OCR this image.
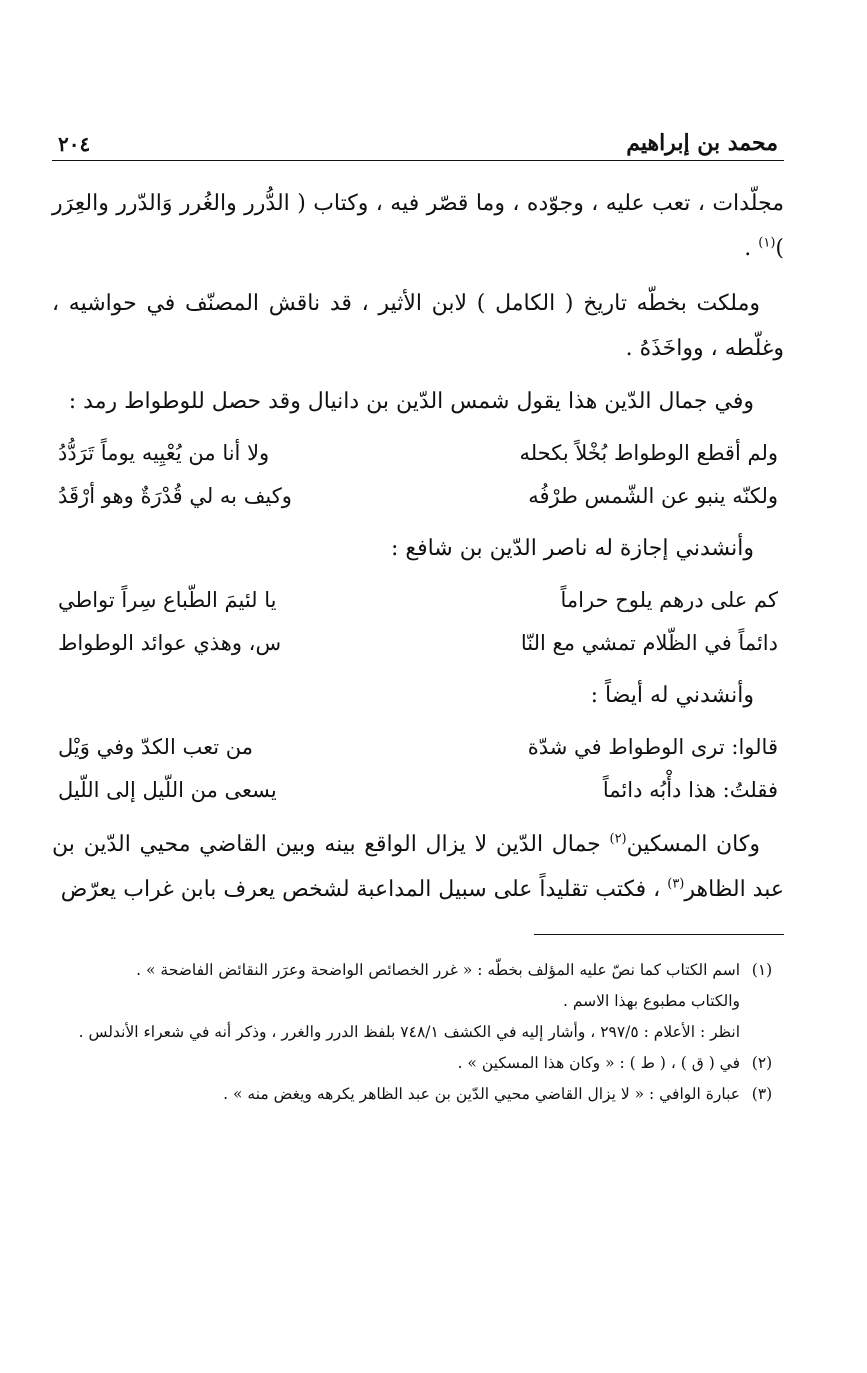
محمد بن إبراهيم
٢٠٤

مجلّدات ، تعب عليه ، وجوّده ، وما قصّر فيه ، وكتاب ( الدُّرر والغُرر وَالدّرر والعِرَر )$^{(١)}$ .

وملكت بخطّه تاريخ ( الكامل ) لابن الأثير ، قد ناقش المصنّف في حواشيه ، وغلّطه ، وواخَذَهُ .

وفي جمال الدّين هذا يقول شمس الدّين بن دانيال وقد حصل للوطواط رمد :
ولم أقطع الوطواط بُخْلاً بكحله
ولا أنا من يُعْيِيه يوماً تَرَدُّدُ
ولكنّه ينبو عن الشّمس طرْفُه
وكيف به لي قُدْرَةٌ وهو أرْقَدُ
وأنشدني إجازة له ناصر الدّين بن شافع :
كم على درهم يلوح حراماً
يا لئيمَ الطّباع سِراً تواطي
دائماً في الظّلام تمشي مع النّا
س، وهذي عوائد الوطواط
وأنشدني له أيضاً :
قالوا: ترى الوطواط في شدّة
من تعب الكدّ وفي وَيْل
فقلتُ: هذا دأْبُه دائماً
يسعى من اللّيل إلى اللّيل

وكان المسكين$^{(٢)}$ جمال الدّين لا يزال الواقع بينه وبين القاضي محيي الدّين بن عبد الظاهر$^{(٣)}$ ، فكتب تقليداً على سبيل المداعبة لشخص يعرف بابن غراب يعرّض

(١)
اسم الكتاب كما نصّ عليه المؤلف بخطّه : « غرر الخصائص الواضحة وعرَر النقائض الفاضحة » .
والكتاب مطبوع بهذا الاسم .
انظر : الأعلام : ٢٩٧/٥ ، وأشار إليه في الكشف ٧٤٨/١ بلفظ الدرر والغرر ، وذكر أنه في شعراء الأندلس .
(٢)
في ( ق ) ، ( ط ) : « وكان هذا المسكين » .
(٣)
عبارة الوافي : « لا يزال القاضي محيي الدّين بن عبد الظاهر يكرهه ويغض منه » .
